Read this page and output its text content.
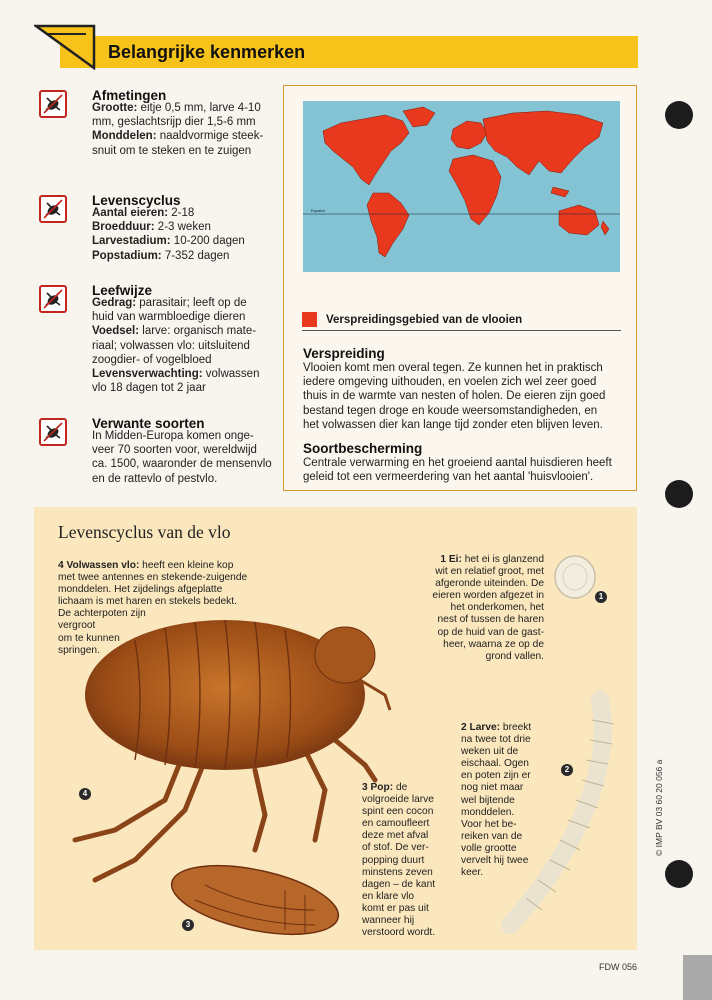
Belangrijke kenmerken
Afmetingen
Grootte: eitje 0,5 mm, larve 4-10
mm, geslachtsrijp dier 1,5-6 mm
Monddelen: naaldvormige steek-
snuit om te steken en te zuigen
Levenscyclus
Aantal eieren: 2-18
Broedduur: 2-3 weken
Larvestadium: 10-200 dagen
Popstadium: 7-352 dagen
Leefwijze
Gedrag: parasitair; leeft op de
huid van warmbloedige dieren
Voedsel: larve: organisch mate-
riaal; volwassen vlo: uitsluitend
zoogdier- of vogelbloed
Levensverwachting: volwassen
vlo 18 dagen tot 2 jaar
Verwante soorten
In Midden-Europa komen onge-
veer 70 soorten voor, wereldwijd
ca. 1500, waaronder de mensenvlo
en de rattevlo of pestvlo.
Equator
Verspreidingsgebied van de vlooien
Verspreiding
Vlooien komt men overal tegen. Ze kunnen het in praktisch
iedere omgeving uithouden, en voelen zich wel zeer goed
thuis in de warmte van nesten of holen. De eieren zijn goed
bestand tegen droge en koude weersomstandigheden, en
het volwassen dier kan lange tijd zonder eten blijven leven.
Soortbescherming
Centrale verwarming en het groeiend aantal huisdieren heeft
geleid tot een vermeerdering van het aantal 'huisvlooien'.
Levenscyclus van de vlo
4 Volwassen vlo: heeft een kleine kop
met twee antennes en stekende-zuigende
monddelen. Het zijdelings afgeplatte
lichaam is met haren en stekels bedekt.
De achterpoten zijn
vergroot
om te kunnen
springen.
1 Ei: het ei is glanzend
wit en relatief groot, met
afgeronde uiteinden. De
eieren worden afgezet in
het onderkomen, het
nest of tussen de haren
op de huid van de gast-
heer, waarna ze op de
grond vallen.
2 Larve: breekt
na twee tot drie
weken uit de
eischaal. Ogen
en poten zijn er
nog niet maar
wel bijtende
monddelen.
Voor het be-
reiken van de
volle grootte
vervelt hij twee
keer.
3 Pop: de
volgroeide larve
spint een cocon
en camoufleert
deze met afval
of stof. De ver-
popping duurt
minstens zeven
dagen – de kant
en klare vlo
komt er pas uit
wanneer hij
verstoord wordt.
1
2
3
4
FDW 056
© IMP BV 03 60 20 056 a
